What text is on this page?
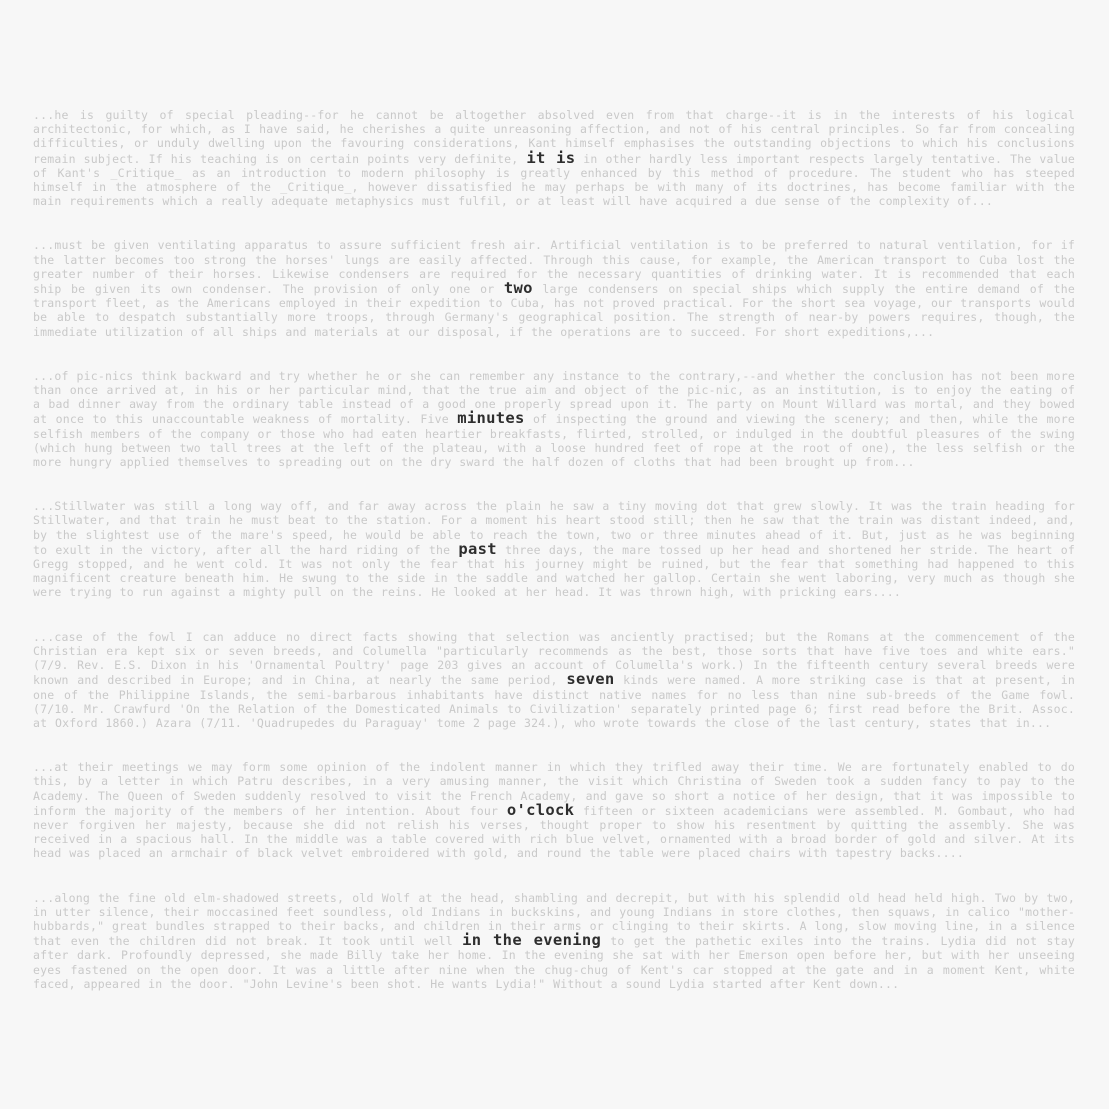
...he is guilty of special pleading--for he cannot be altogether absolved even from that charge--it is in the interests of his logical architectonic, for which, as I have said, he cherishes a quite unreasoning affection, and not of his central principles. So far from concealing difficulties, or unduly dwelling upon the favouring considerations, Kant himself emphasises the outstanding objections to which his conclusions remain subject. If his teaching is on certain points very definite, it is in other hardly less important respects largely tentative. The value of Kant's _Critique_ as an introduction to modern philosophy is greatly enhanced by this method of procedure. The student who has steeped himself in the atmosphere of the _Critique_, however dissatisfied he may perhaps be with many of its doctrines, has become familiar with the main requirements which a really adequate metaphysics must fulfil, or at least will have acquired a due sense of the complexity of...
...must be given ventilating apparatus to assure sufficient fresh air. Artificial ventilation is to be preferred to natural ventilation, for if the latter becomes too strong the horses' lungs are easily affected. Through this cause, for example, the American transport to Cuba lost the greater number of their horses. Likewise condensers are required for the necessary quantities of drinking water. It is recommended that each ship be given its own condenser. The provision of only one or two large condensers on special ships which supply the entire demand of the transport fleet, as the Americans employed in their expedition to Cuba, has not proved practical. For the short sea voyage, our transports would be able to despatch substantially more troops, through Germany's geographical position. The strength of near-by powers requires, though, the immediate utilization of all ships and materials at our disposal, if the operations are to succeed. For short expeditions,...
...of pic-nics think backward and try whether he or she can remember any instance to the contrary,--and whether the conclusion has not been more than once arrived at, in his or her particular mind, that the true aim and object of the pic-nic, as an institution, is to enjoy the eating of a bad dinner away from the ordinary table instead of a good one properly spread upon it. The party on Mount Willard was mortal, and they bowed at once to this unaccountable weakness of mortality. Five minutes of inspecting the ground and viewing the scenery; and then, while the more selfish members of the company or those who had eaten heartier breakfasts, flirted, strolled, or indulged in the doubtful pleasures of the swing (which hung between two tall trees at the left of the plateau, with a loose hundred feet of rope at the root of one), the less selfish or the more hungry applied themselves to spreading out on the dry sward the half dozen of cloths that had been brought up from...
...Stillwater was still a long way off, and far away across the plain he saw a tiny moving dot that grew slowly. It was the train heading for Stillwater, and that train he must beat to the station. For a moment his heart stood still; then he saw that the train was distant indeed, and, by the slightest use of the mare's speed, he would be able to reach the town, two or three minutes ahead of it. But, just as he was beginning to exult in the victory, after all the hard riding of the past three days, the mare tossed up her head and shortened her stride. The heart of Gregg stopped, and he went cold. It was not only the fear that his journey might be ruined, but the fear that something had happened to this magnificent creature beneath him. He swung to the side in the saddle and watched her gallop. Certain she went laboring, very much as though she were trying to run against a mighty pull on the reins. He looked at her head. It was thrown high, with pricking ears....
...case of the fowl I can adduce no direct facts showing that selection was anciently practised; but the Romans at the commencement of the Christian era kept six or seven breeds, and Columella "particularly recommends as the best, those sorts that have five toes and white ears." (7/9. Rev. E.S. Dixon in his 'Ornamental Poultry' page 203 gives an account of Columella's work.) In the fifteenth century several breeds were known and described in Europe; and in China, at nearly the same period, seven kinds were named. A more striking case is that at present, in one of the Philippine Islands, the semi-barbarous inhabitants have distinct native names for no less than nine sub-breeds of the Game fowl. (7/10. Mr. Crawfurd 'On the Relation of the Domesticated Animals to Civilization' separately printed page 6; first read before the Brit. Assoc. at Oxford 1860.) Azara (7/11. 'Quadrupedes du Paraguay' tome 2 page 324.), who wrote towards the close of the last century, states that in...
...at their meetings we may form some opinion of the indolent manner in which they trifled away their time. We are fortunately enabled to do this, by a letter in which Patru describes, in a very amusing manner, the visit which Christina of Sweden took a sudden fancy to pay to the Academy. The Queen of Sweden suddenly resolved to visit the French Academy, and gave so short a notice of her design, that it was impossible to inform the majority of the members of her intention. About four o'clock fifteen or sixteen academicians were assembled. M. Gombaut, who had never forgiven her majesty, because she did not relish his verses, thought proper to show his resentment by quitting the assembly. She was received in a spacious hall. In the middle was a table covered with rich blue velvet, ornamented with a broad border of gold and silver. At its head was placed an armchair of black velvet embroidered with gold, and round the table were placed chairs with tapestry backs....
...along the fine old elm-shadowed streets, old Wolf at the head, shambling and decrepit, but with his splendid old head held high. Two by two, in utter silence, their moccasined feet soundless, old Indians in buckskins, and young Indians in store clothes, then squaws, in calico "mother-hubbards," great bundles strapped to their backs, and children in their arms or clinging to their skirts. A long, slow moving line, in a silence that even the children did not break. It took until well in the evening to get the pathetic exiles into the trains. Lydia did not stay after dark. Profoundly depressed, she made Billy take her home. In the evening she sat with her Emerson open before her, but with her unseeing eyes fastened on the open door. It was a little after nine when the chug-chug of Kent's car stopped at the gate and in a moment Kent, white faced, appeared in the door. "John Levine's been shot. He wants Lydia!" Without a sound Lydia started after Kent down...
